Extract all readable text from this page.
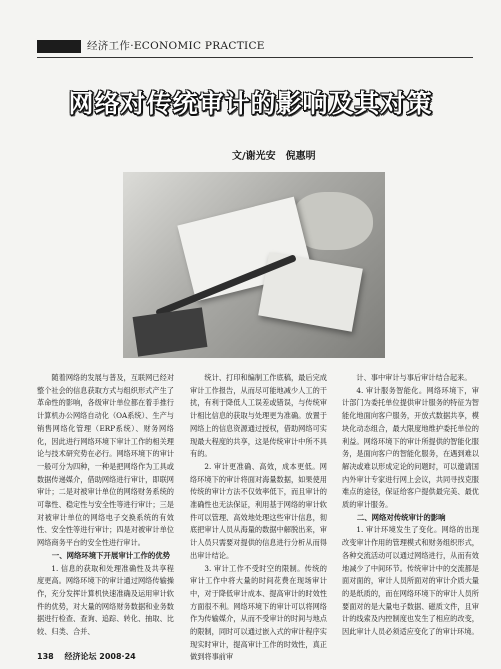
经济工作·ECONOMIC PRACTICE
网络对传统审计的影响及其对策
文/谢光安　倪惠明

随着网络的发展与普及，互联网已经对整个社会的信息获取方式与组织形式产生了革命性的影响，各级审计单位都在着手推行计算机办公网络自动化（OA系统）、生产与销售网络化管理（ERP系统）、财务网络化，因此进行网络环境下审计工作的相关理论与技术研究势在必行。网络环境下的审计一般可分为四种，一种是把网络作为工具或数据传递媒介，借助网络进行审计，即联网审计；二是对被审计单位的网络财务系统的可靠性、稳定性与安全性等进行审计；三是对被审计单位的网络电子交换系统的有效性、安全性等进行审计；四是对被审计单位网络商务平台的安全性进行审计。

一、网络环境下开展审计工作的优势

1. 信息的获取和处理准确性及共享程度更高。网络环境下的审计通过网络传输操作，充分发挥计算机快速准确及运用审计软件的优势，对大量的网络财务数据和业务数据进行检查、查询、追踪、转化、抽取、比较、归类、合并、

统计、打印和编制工作底稿，最后完成审计工作报告，从而尽可能地减少人工的干扰，有利于降低人工误差或错误，与传统审计相比信息的获取与处理更为准确。放置于网络上的信息资源通过授权，借助网络可实现最大程度的共享，这是传统审计中所不具有的。

2. 审计更准确、高效，成本更低。网络环境下的审计将面对海量数据，如果使用传统的审计方法不仅效率低下，而且审计的准确性也无法保证，利用基于网络的审计软件可以管理、高效地处理这些审计信息，彻底把审计人员从海量的数据中解脱出来，审计人员只需要对提供的信息进行分析从而得出审计结论。

3. 审计工作不受时空的限制。传统的审计工作中将大量的时间花费在现场审计中，对于降低审计成本、提高审计的时效性方面很不利。网络环境下的审计可以将网络作为传输媒介，从而不受审计的时间与地点的限制，同时可以通过嵌入式的审计程序实现实时审计，提高审计工作的时效性，真正做到将事前审

计、事中审计与事后审计结合起来。

4. 审计服务智能化。网络环境下，审计部门为委托单位提供审计服务的特征为智能化地面向客户服务，开放式数据共享，模块化动态组合，最大限度地维护委托单位的利益。网络环境下的审计所提供的智能化服务，是面向客户的智能化服务，在遇到难以解决或难以形成定论的问题时，可以邀请国内外审计专家进行网上会议，共同寻找克服难点的途径，保证给客户提供最完美、最优质的审计服务。

二、网络对传统审计的影响

1. 审计环境发生了变化。网络的出现改变审计作用的管理模式和财务组织形式，各种交流活动可以通过网络进行，从而有效地减少了中间环节。传统审计中的交流都是面对面的，审计人员所面对的审计介质大量的是纸质的，而在网络环境下的审计人员所要面对的是大量电子数据、磁质文件，且审计的线索及内控制度也发生了相应的改变，因此审计人员必须适应变化了的审计环境。

138 经济论坛 2008·24
